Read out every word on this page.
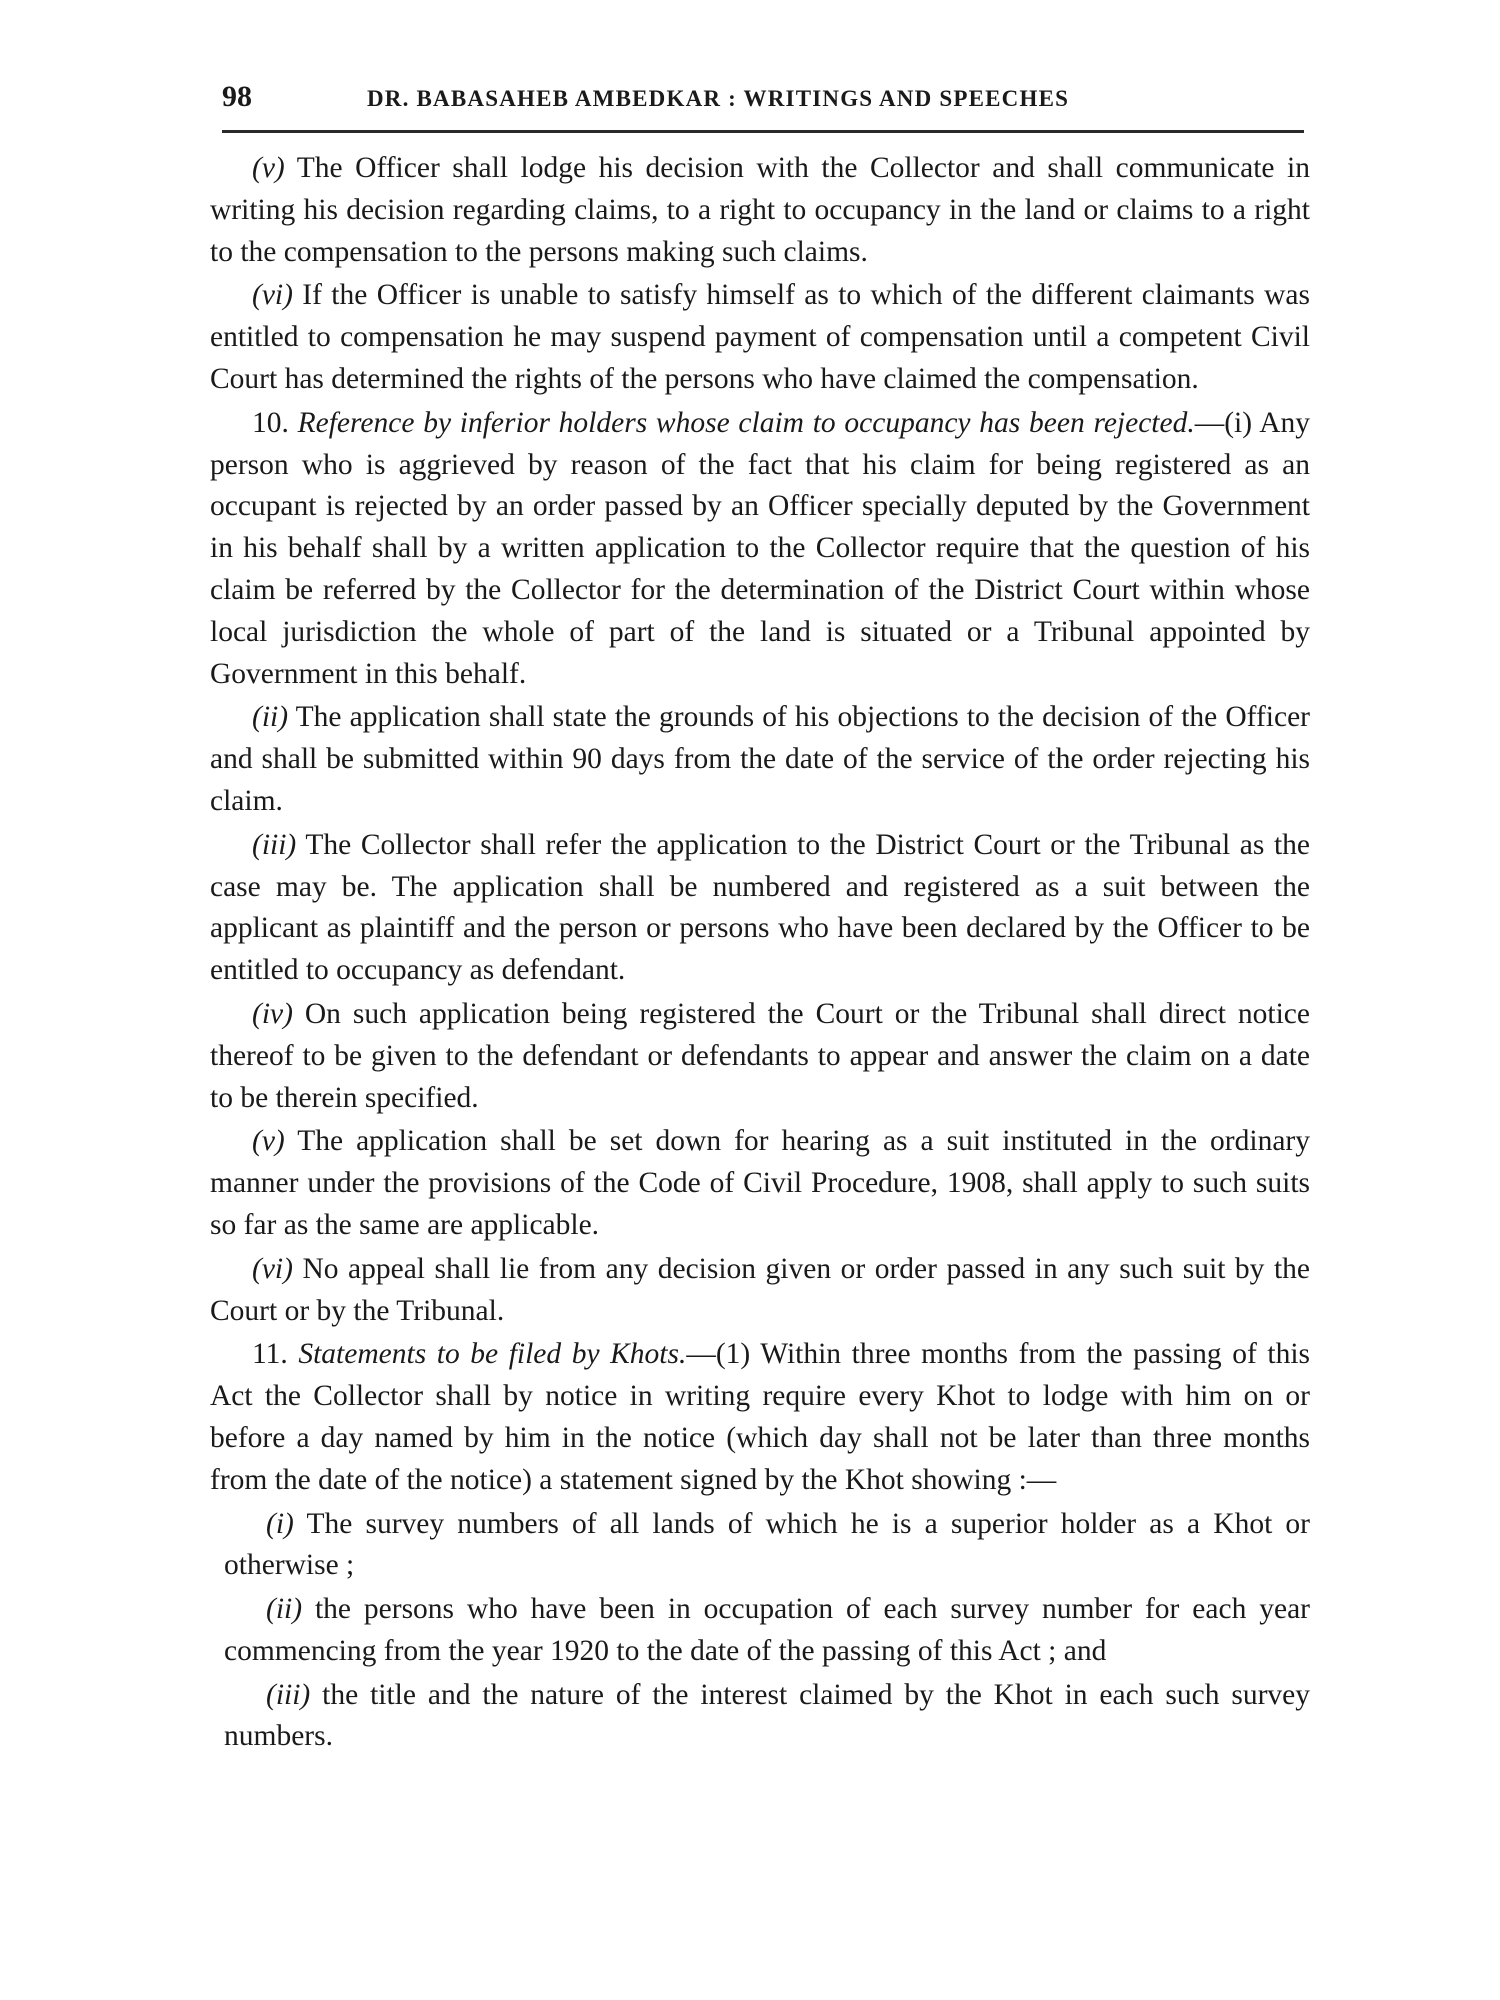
98	DR. BABASAHEB AMBEDKAR : WRITINGS AND SPEECHES

(v) The Officer shall lodge his decision with the Collector and shall communicate in writing his decision regarding claims, to a right to occupancy in the land or claims to a right to the compensation to the persons making such claims.

(vi) If the Officer is unable to satisfy himself as to which of the different claimants was entitled to compensation he may suspend payment of compensation until a competent Civil Court has determined the rights of the persons who have claimed the compensation.

10. Reference by inferior holders whose claim to occupancy has been rejected.—(i) Any person who is aggrieved by reason of the fact that his claim for being registered as an occupant is rejected by an order passed by an Officer specially deputed by the Government in his behalf shall by a written application to the Collector require that the question of his claim be referred by the Collector for the determination of the District Court within whose local jurisdiction the whole of part of the land is situated or a Tribunal appointed by Government in this behalf.

(ii) The application shall state the grounds of his objections to the decision of the Officer and shall be submitted within 90 days from the date of the service of the order rejecting his claim.

(iii) The Collector shall refer the application to the District Court or the Tribunal as the case may be. The application shall be numbered and registered as a suit between the applicant as plaintiff and the person or persons who have been declared by the Officer to be entitled to occupancy as defendant.

(iv) On such application being registered the Court or the Tribunal shall direct notice thereof to be given to the defendant or defendants to appear and answer the claim on a date to be therein specified.

(v) The application shall be set down for hearing as a suit instituted in the ordinary manner under the provisions of the Code of Civil Procedure, 1908, shall apply to such suits so far as the same are applicable.

(vi) No appeal shall lie from any decision given or order passed in any such suit by the Court or by the Tribunal.

11. Statements to be filed by Khots.—(1) Within three months from the passing of this Act the Collector shall by notice in writing require every Khot to lodge with him on or before a day named by him in the notice (which day shall not be later than three months from the date of the notice) a statement signed by the Khot showing :—

(i) The survey numbers of all lands of which he is a superior holder as a Khot or otherwise ;

(ii) the persons who have been in occupation of each survey number for each year commencing from the year 1920 to the date of the passing of this Act ; and

(iii) the title and the nature of the interest claimed by the Khot in each such survey numbers.
